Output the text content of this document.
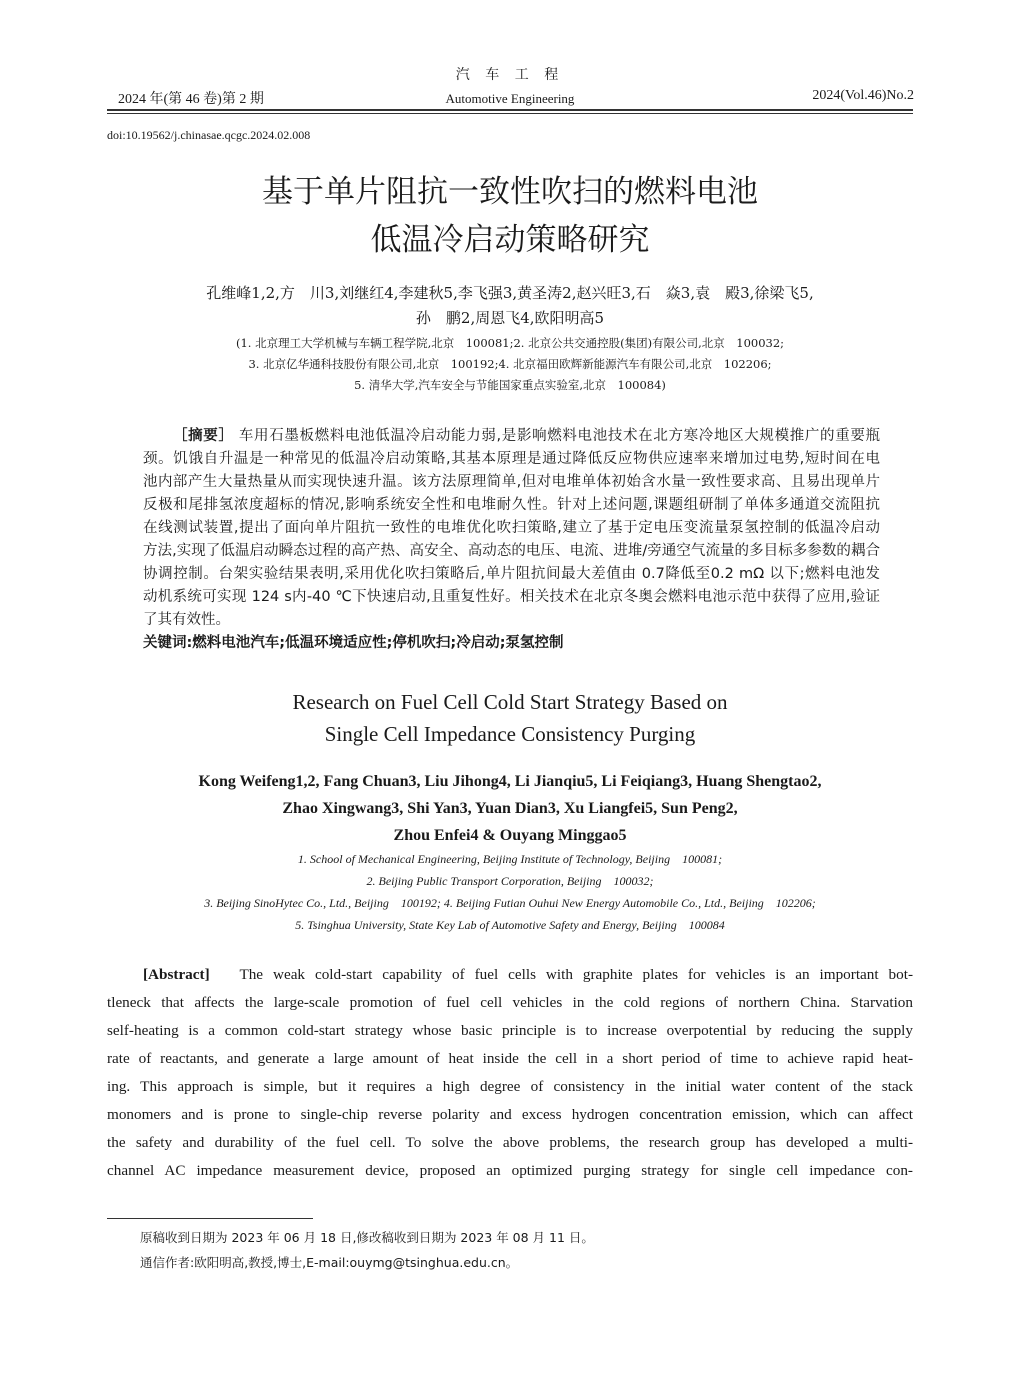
汽 车 工 程
2024 年(第 46 卷)第 2 期	Automotive Engineering	2024(Vol.46)No.2
doi:10.19562/j.chinasae.qcgc.2024.02.008
基于单片阻抗一致性吹扫的燃料电池
低温冷启动策略研究
孔维峰1,2,方　川3,刘继红4,李建秋5,李飞强3,黄圣涛2,赵兴旺3,石　焱3,袁　殿3,徐梁飞5,
孙　鹏2,周恩飞4,欧阳明高5
(1. 北京理工大学机械与车辆工程学院,北京　100081;2. 北京公共交通控股(集团)有限公司,北京　100032;
3. 北京亿华通科技股份有限公司,北京　100192;4. 北京福田欧辉新能源汽车有限公司,北京　102206;
5. 清华大学,汽车安全与节能国家重点实验室,北京　100084)
［摘要］ 车用石墨板燃料电池低温冷启动能力弱,是影响燃料电池技术在北方寒冷地区大规模推广的重要瓶
颈。饥饿自升温是一种常见的低温冷启动策略,其基本原理是通过降低反应物供应速率来增加过电势,短时间在电
池内部产生大量热量从而实现快速升温。该方法原理简单,但对电堆单体初始含水量一致性要求高、且易出现单片
反极和尾排氢浓度超标的情况,影响系统安全性和电堆耐久性。针对上述问题,课题组研制了单体多通道交流阻抗
在线测试装置,提出了面向单片阻抗一致性的电堆优化吹扫策略,建立了基于定电压变流量泵氢控制的低温冷启动
方法,实现了低温启动瞬态过程的高产热、高安全、高动态的电压、电流、进堆/旁通空气流量的多目标多参数的耦合
协调控制。台架实验结果表明,采用优化吹扫策略后,单片阻抗间最大差值由 0.7降低至0.2 mΩ 以下;燃料电池发
动机系统可实现 124 s内-40 ℃下快速启动,且重复性好。相关技术在北京冬奥会燃料电池示范中获得了应用,验证
了其有效性。
关键词:燃料电池汽车;低温环境适应性;停机吹扫;冷启动;泵氢控制
Research on Fuel Cell Cold Start Strategy Based on
Single Cell Impedance Consistency Purging
Kong Weifeng1,2, Fang Chuan3, Liu Jihong4, Li Jianqiu5, Li Feiqiang3, Huang Shengtao2,
Zhao Xingwang3, Shi Yan3, Yuan Dian3, Xu Liangfei5, Sun Peng2,
Zhou Enfei4 & Ouyang Minggao5
1. School of Mechanical Engineering, Beijing Institute of Technology, Beijing　100081;
2. Beijing Public Transport Corporation, Beijing　100032;
3. Beijing SinoHytec Co., Ltd., Beijing　100192; 4. Beijing Futian Ouhui New Energy Automobile Co., Ltd., Beijing　102206;
5. Tsinghua University, State Key Lab of Automotive Safety and Energy, Beijing　100084
[Abstract] The weak cold-start capability of fuel cells with graphite plates for vehicles is an important bot-
tleneck that affects the large-scale promotion of fuel cell vehicles in the cold regions of northern China. Starvation
self-heating is a common cold-start strategy whose basic principle is to increase overpotential by reducing the supply
rate of reactants, and generate a large amount of heat inside the cell in a short period of time to achieve rapid heat-
ing. This approach is simple, but it requires a high degree of consistency in the initial water content of the stack
monomers and is prone to single-chip reverse polarity and excess hydrogen concentration emission, which can affect
the safety and durability of the fuel cell. To solve the above problems, the research group has developed a multi-
channel AC impedance measurement device, proposed an optimized purging strategy for single cell impedance con-
原稿收到日期为 2023 年 06 月 18 日,修改稿收到日期为 2023 年 08 月 11 日。
通信作者:欧阳明高,教授,博士,E-mail:ouymg@tsinghua.edu.cn。
